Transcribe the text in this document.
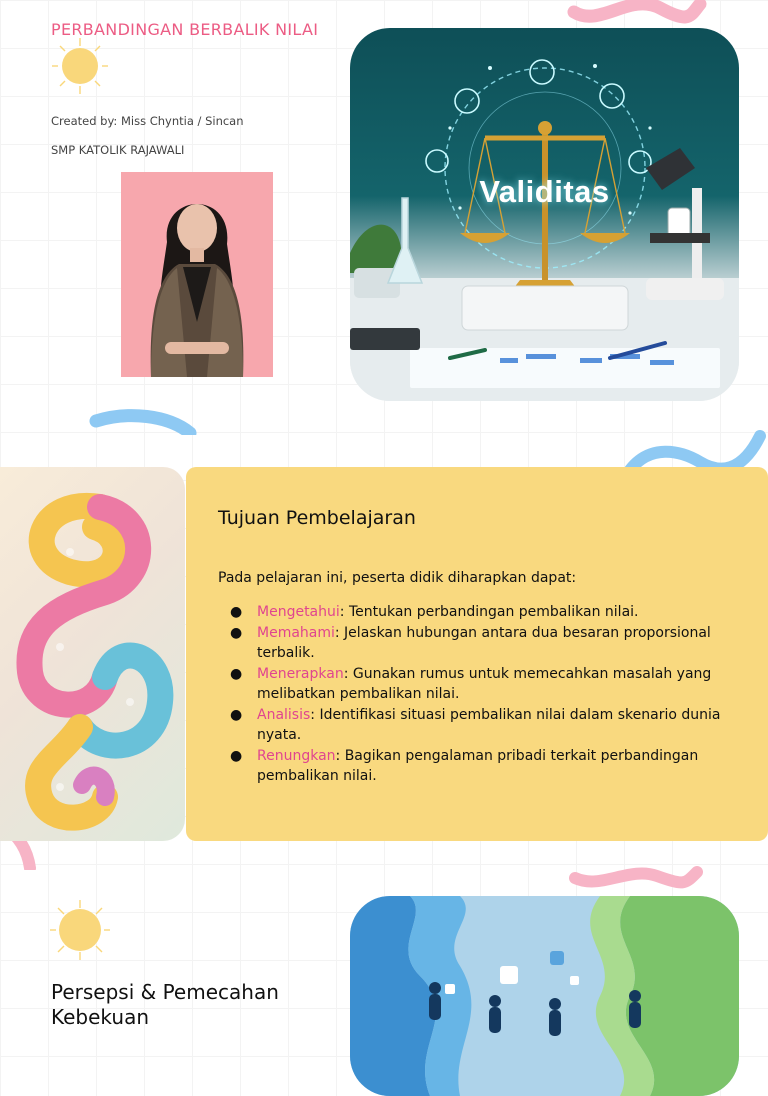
PERBANDINGAN BERBALIK NILAI
Created by: Miss Chyntia / Sincan
SMP KATOLIK RAJAWALI
Validitas
Tujuan Pembelajaran
Pada pelajaran ini, peserta didik diharapkan dapat:
● Mengetahui: Tentukan perbandingan pembalikan nilai.
● Memahami: Jelaskan hubungan antara dua besaran proporsional terbalik.
● Menerapkan: Gunakan rumus untuk memecahkan masalah yang melibatkan pembalikan nilai.
● Analisis: Identifikasi situasi pembalikan nilai dalam skenario dunia nyata.
● Renungkan: Bagikan pengalaman pribadi terkait perbandingan pembalikan nilai.
Persepsi & Pemecahan Kebekuan
